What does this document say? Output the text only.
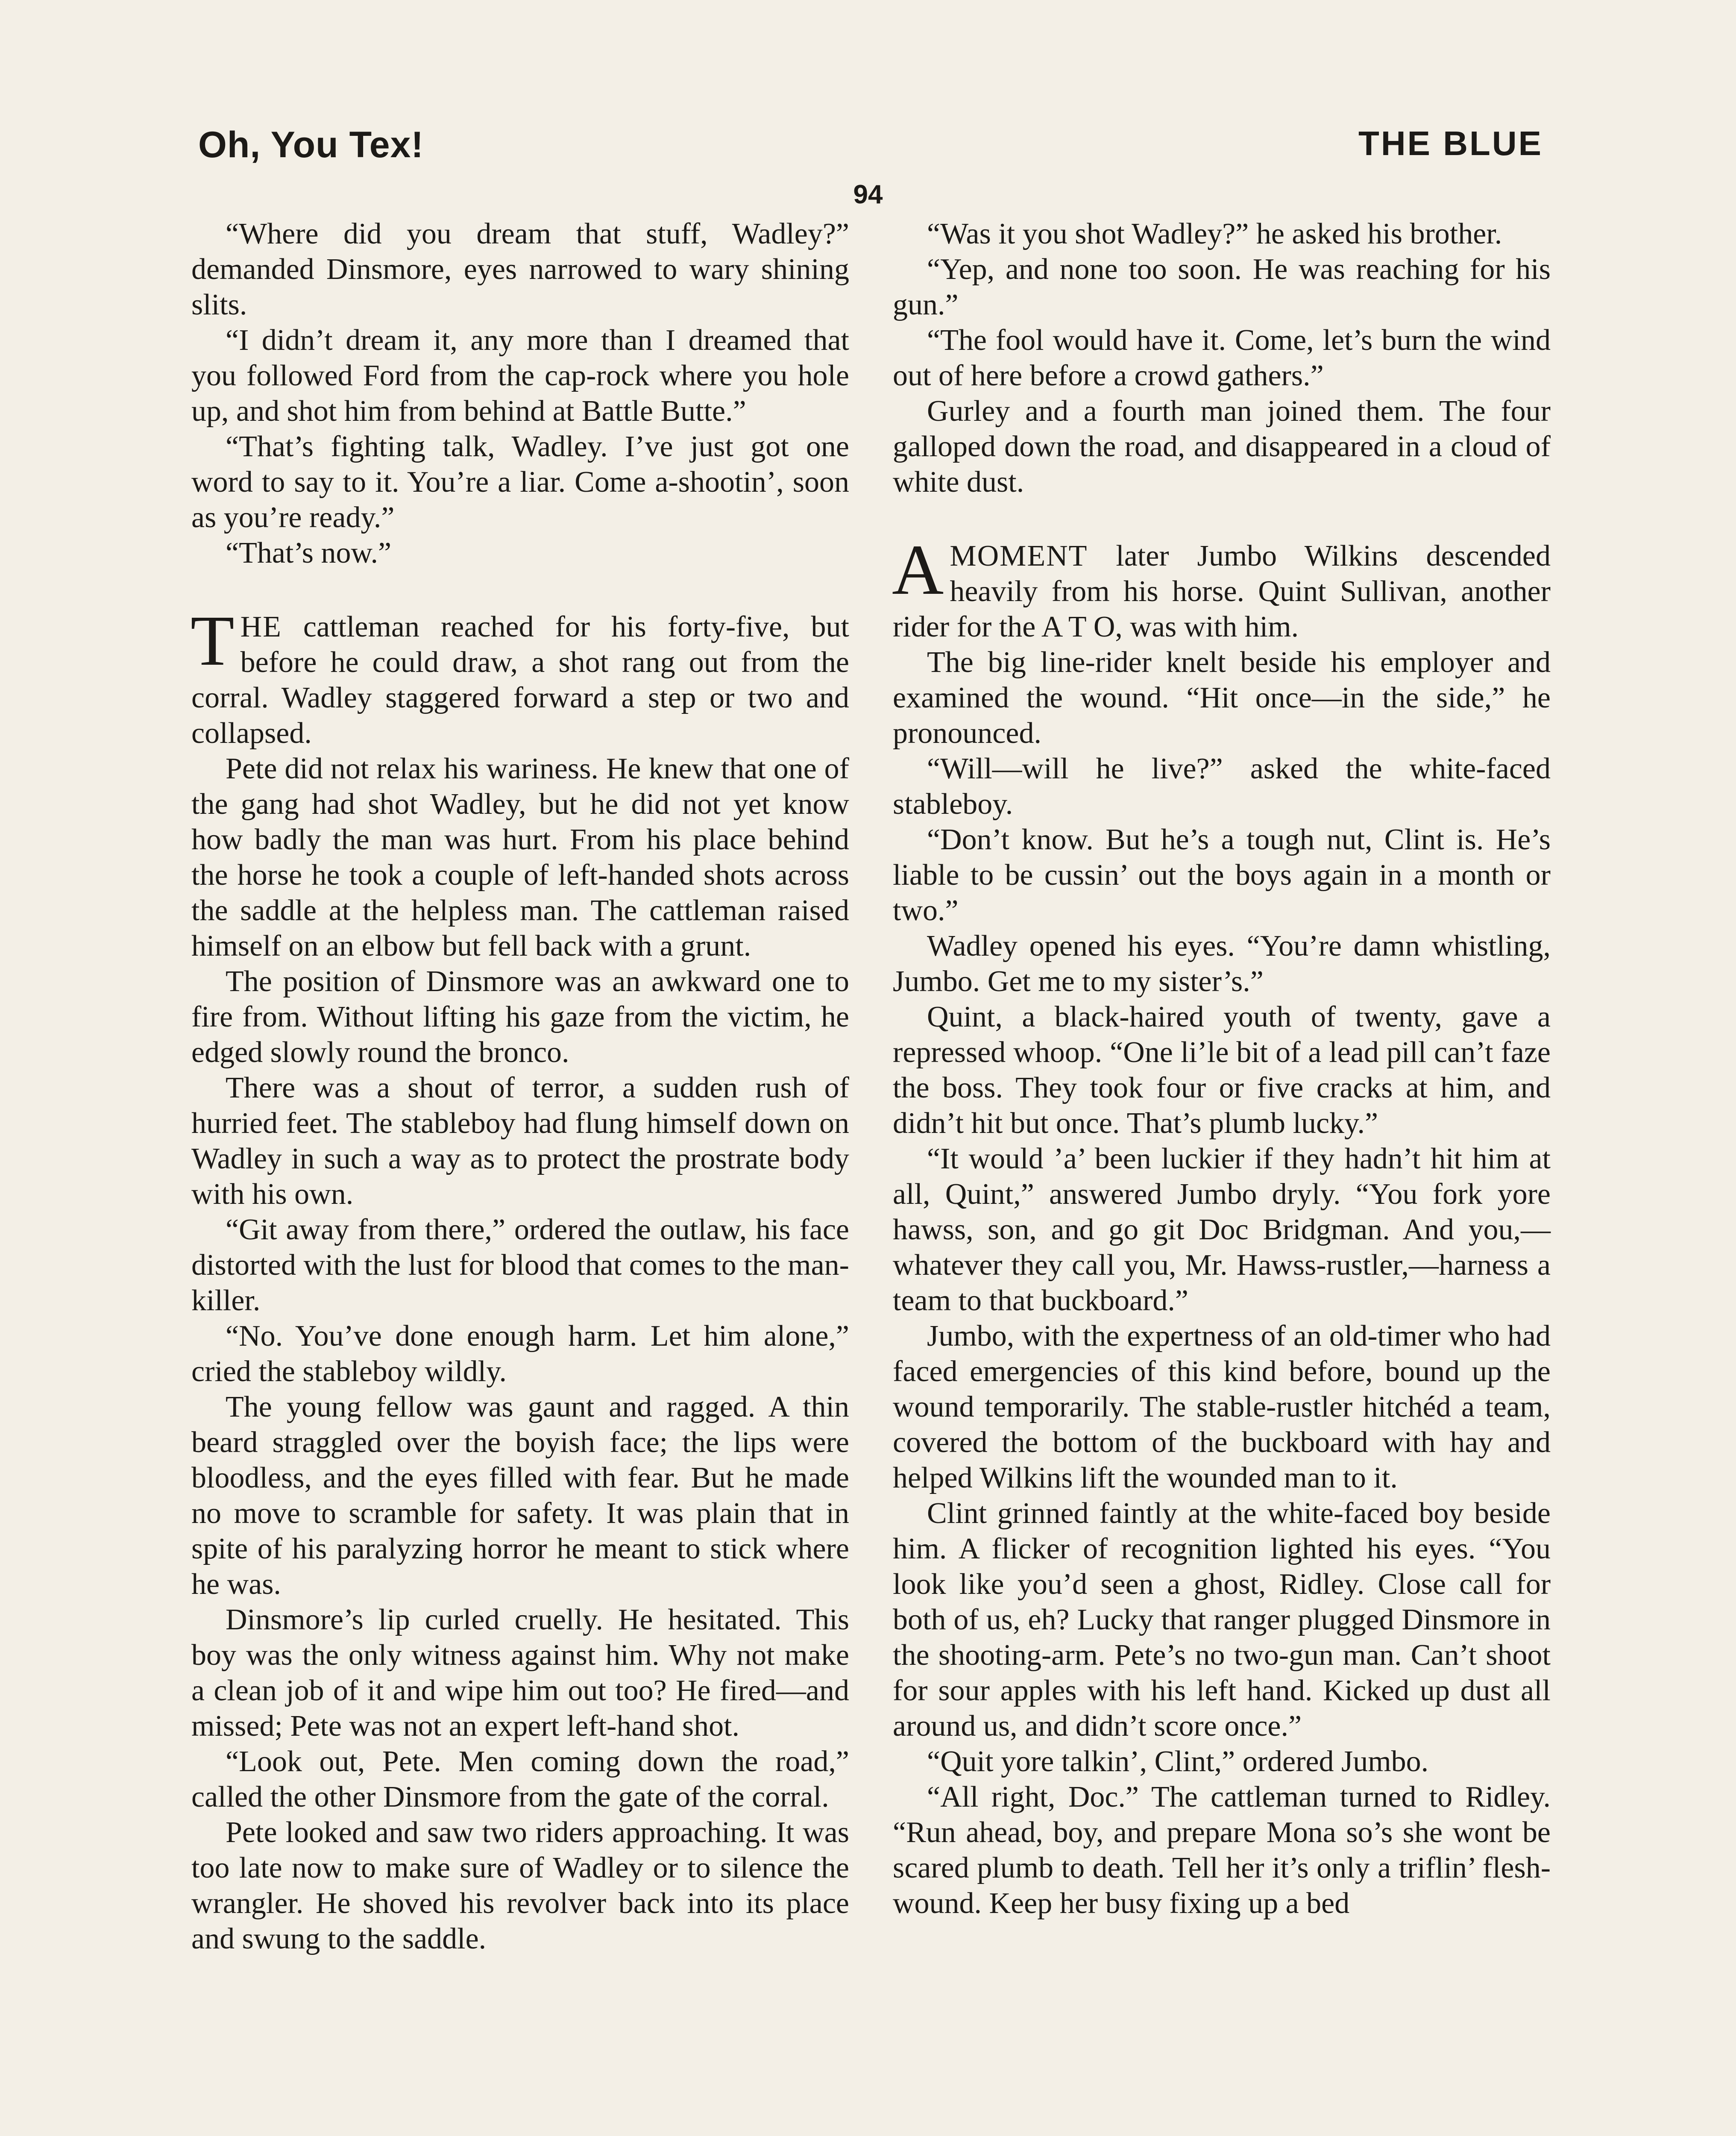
Oh, You Tex!	THE BLUE
94

“Where did you dream that stuff, Wadley?” demanded Dinsmore, eyes narrowed to wary shining slits.

“I didn’t dream it, any more than I dreamed that you followed Ford from the cap-rock where you hole up, and shot him from behind at Battle Butte.”

“That’s fighting talk, Wadley. I’ve just got one word to say to it. You’re a liar. Come a-shootin’, soon as you’re ready.”

“That’s now.”

THE cattleman reached for his forty-five, but before he could draw, a shot rang out from the corral. Wadley staggered forward a step or two and collapsed.

Pete did not relax his wariness. He knew that one of the gang had shot Wadley, but he did not yet know how badly the man was hurt. From his place behind the horse he took a couple of left-handed shots across the saddle at the helpless man. The cattleman raised himself on an elbow but fell back with a grunt.

The position of Dinsmore was an awkward one to fire from. Without lifting his gaze from the victim, he edged slowly round the bronco.

There was a shout of terror, a sudden rush of hurried feet. The stableboy had flung himself down on Wadley in such a way as to protect the prostrate body with his own.

“Git away from there,” ordered the outlaw, his face distorted with the lust for blood that comes to the man-killer.

“No. You’ve done enough harm. Let him alone,” cried the stableboy wildly.

The young fellow was gaunt and ragged. A thin beard straggled over the boyish face; the lips were bloodless, and the eyes filled with fear. But he made no move to scramble for safety. It was plain that in spite of his paralyzing horror he meant to stick where he was.

Dinsmore’s lip curled cruelly. He hesitated. This boy was the only witness against him. Why not make a clean job of it and wipe him out too? He fired—and missed; Pete was not an expert left-hand shot.

“Look out, Pete. Men coming down the road,” called the other Dinsmore from the gate of the corral.

Pete looked and saw two riders approaching. It was too late now to make sure of Wadley or to silence the wrangler. He shoved his revolver back into its place and swung to the saddle.

“Was it you shot Wadley?” he asked his brother.

“Yep, and none too soon. He was reaching for his gun.”

“The fool would have it. Come, let’s burn the wind out of here before a crowd gathers.”

Gurley and a fourth man joined them. The four galloped down the road, and disappeared in a cloud of white dust.

AMOMENT later Jumbo Wilkins descended heavily from his horse. Quint Sullivan, another rider for the A T O, was with him.

The big line-rider knelt beside his employer and examined the wound. “Hit once—in the side,” he pronounced.

“Will—will he live?” asked the white-faced stableboy.

“Don’t know. But he’s a tough nut, Clint is. He’s liable to be cussin’ out the boys again in a month or two.”

Wadley opened his eyes. “You’re damn whistling, Jumbo. Get me to my sister’s.”

Quint, a black-haired youth of twenty, gave a repressed whoop. “One li’le bit of a lead pill can’t faze the boss. They took four or five cracks at him, and didn’t hit but once. That’s plumb lucky.”

“It would ’a’ been luckier if they hadn’t hit him at all, Quint,” answered Jumbo dryly. “You fork yore hawss, son, and go git Doc Bridgman. And you,—whatever they call you, Mr. Hawss-rustler,—harness a team to that buckboard.”

Jumbo, with the expertness of an old-timer who had faced emergencies of this kind before, bound up the wound temporarily. The stable-rustler hitchéd a team, covered the bottom of the buckboard with hay and helped Wilkins lift the wounded man to it.

Clint grinned faintly at the white-faced boy beside him. A flicker of recognition lighted his eyes. “You look like you’d seen a ghost, Ridley. Close call for both of us, eh? Lucky that ranger plugged Dinsmore in the shooting-arm. Pete’s no two-gun man. Can’t shoot for sour apples with his left hand. Kicked up dust all around us, and didn’t score once.”

“Quit yore talkin’, Clint,” ordered Jumbo.

“All right, Doc.” The cattleman turned to Ridley. “Run ahead, boy, and prepare Mona so’s she wont be scared plumb to death. Tell her it’s only a triflin’ flesh-wound. Keep her busy fixing up a bed
